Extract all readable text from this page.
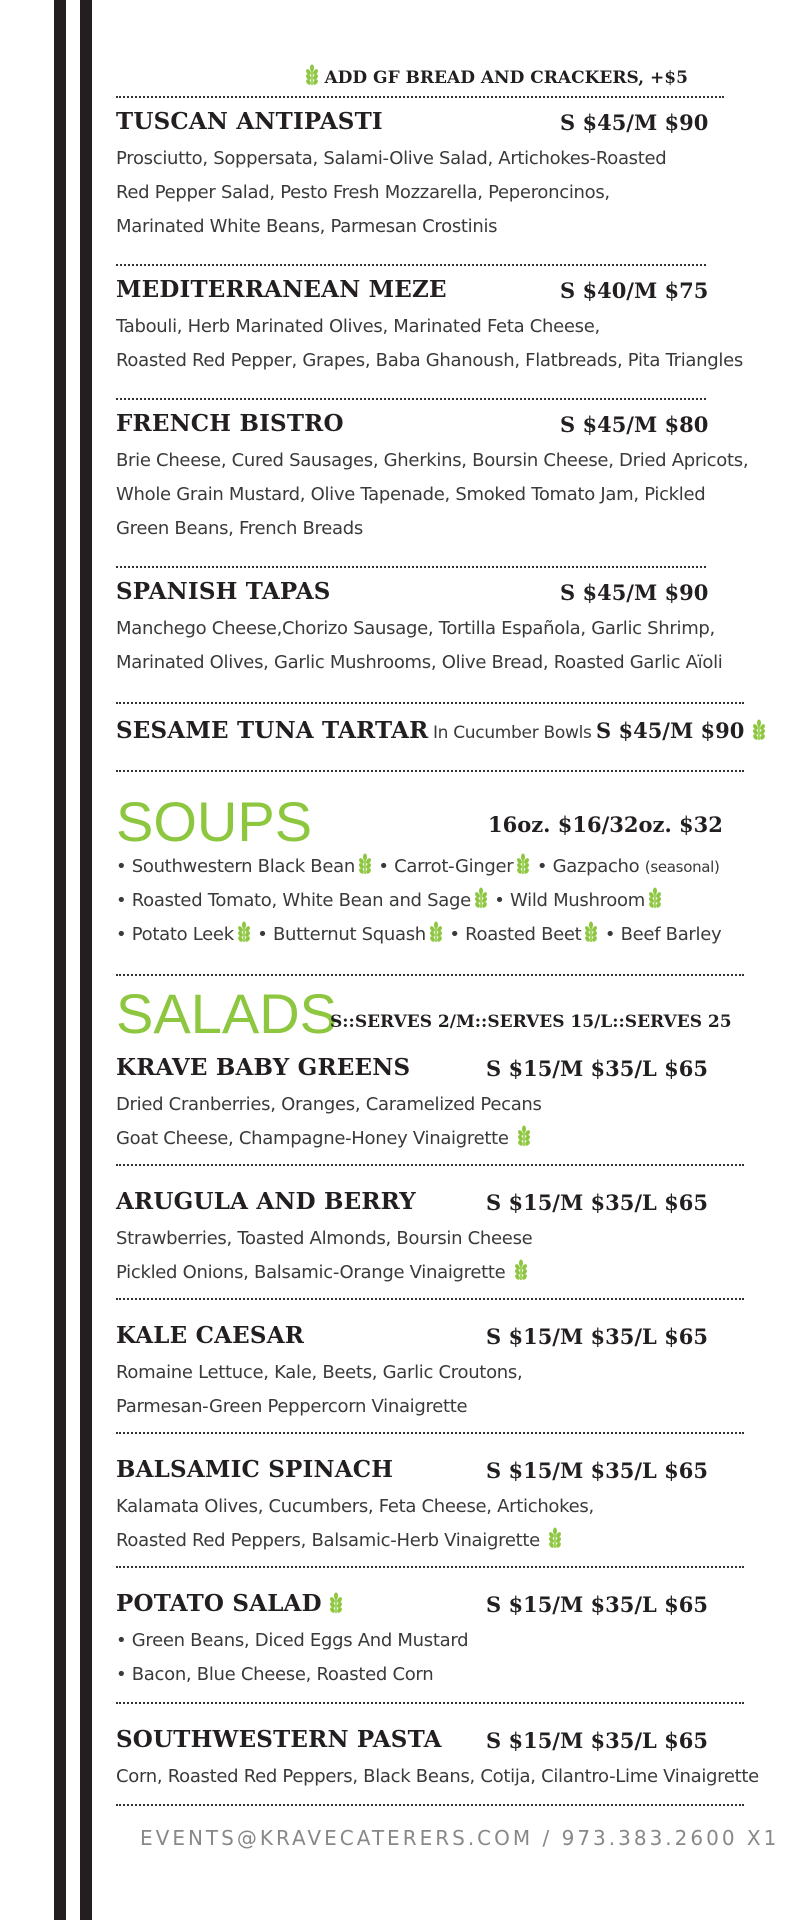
ADD GF BREAD AND CRACKERS, +$5
TUSCAN ANTIPASTI	S $45/M $90
Prosciutto, Soppersata, Salami-Olive Salad, Artichokes-Roasted
Red Pepper Salad, Pesto Fresh Mozzarella, Peperoncinos,
Marinated White Beans, Parmesan Crostinis
MEDITERRANEAN MEZE	S $40/M $75
Tabouli, Herb Marinated Olives, Marinated Feta Cheese,
Roasted Red Pepper, Grapes, Baba Ghanoush, Flatbreads, Pita Triangles
FRENCH BISTRO	S $45/M $80
Brie Cheese, Cured Sausages, Gherkins, Boursin Cheese, Dried Apricots,
Whole Grain Mustard, Olive Tapenade, Smoked Tomato Jam, Pickled
Green Beans, French Breads
SPANISH TAPAS	S $45/M $90
Manchego Cheese,Chorizo Sausage, Tortilla Española, Garlic Shrimp,
Marinated Olives, Garlic Mushrooms, Olive Bread, Roasted Garlic Aïoli
SESAME TUNA TARTAR In Cucumber Bowls S $45/M $90
SOUPS	16oz. $16/32oz. $32
• Southwestern Black Bean • Carrot-Ginger • Gazpacho (seasonal)
• Roasted Tomato, White Bean and Sage • Wild Mushroom
• Potato Leek • Butternut Squash • Roasted Beet • Beef Barley
SALADS
S::SERVES 2/M::SERVES 15/L::SERVES 25
KRAVE BABY GREENS	S $15/M $35/L $65
Dried Cranberries, Oranges, Caramelized Pecans
Goat Cheese, Champagne-Honey Vinaigrette
ARUGULA AND BERRY	S $15/M $35/L $65
Strawberries, Toasted Almonds, Boursin Cheese
Pickled Onions, Balsamic-Orange Vinaigrette
KALE CAESAR	S $15/M $35/L $65
Romaine Lettuce, Kale, Beets, Garlic Croutons,
Parmesan-Green Peppercorn Vinaigrette
BALSAMIC SPINACH	S $15/M $35/L $65
Kalamata Olives, Cucumbers, Feta Cheese, Artichokes,
Roasted Red Peppers, Balsamic-Herb Vinaigrette
POTATO SALAD	S $15/M $35/L $65
• Green Beans, Diced Eggs And Mustard
• Bacon, Blue Cheese, Roasted Corn
SOUTHWESTERN PASTA S $15/M $35/L $65
Corn, Roasted Red Peppers, Black Beans, Cotija, Cilantro-Lime Vinaigrette
EVENTS@KRAVECATERERS.COM / 973.383.2600 X1
